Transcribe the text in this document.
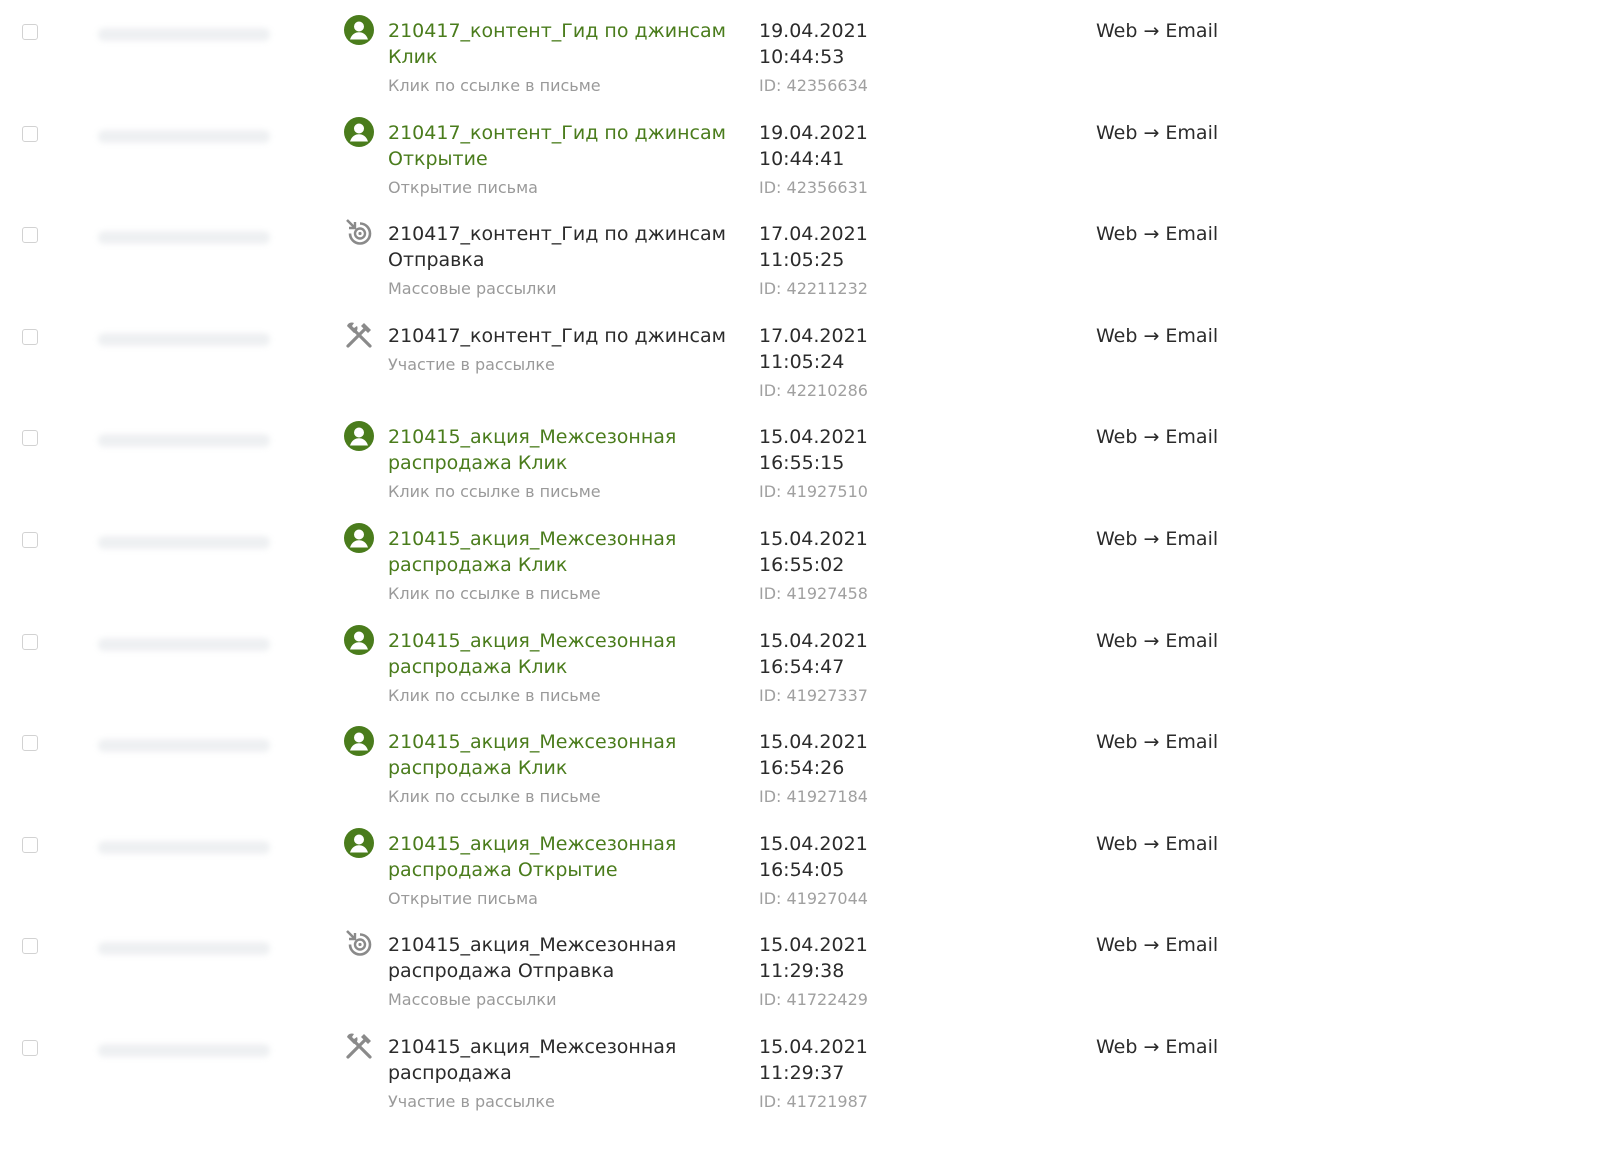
210417_контент_Гид по джинсам
Клик
Клик по ссылке в письме
19.04.2021
10:44:53
ID: 42356634
Web → Email
210417_контент_Гид по джинсам
Открытие
Открытие письма
19.04.2021
10:44:41
ID: 42356631
Web → Email
210417_контент_Гид по джинсам
Отправка
Массовые рассылки
17.04.2021
11:05:25
ID: 42211232
Web → Email
210417_контент_Гид по джинсам
Участие в рассылке
17.04.2021
11:05:24
ID: 42210286
Web → Email
210415_акция_Межсезонная
распродажа Клик
Клик по ссылке в письме
15.04.2021
16:55:15
ID: 41927510
Web → Email
210415_акция_Межсезонная
распродажа Клик
Клик по ссылке в письме
15.04.2021
16:55:02
ID: 41927458
Web → Email
210415_акция_Межсезонная
распродажа Клик
Клик по ссылке в письме
15.04.2021
16:54:47
ID: 41927337
Web → Email
210415_акция_Межсезонная
распродажа Клик
Клик по ссылке в письме
15.04.2021
16:54:26
ID: 41927184
Web → Email
210415_акция_Межсезонная
распродажа Открытие
Открытие письма
15.04.2021
16:54:05
ID: 41927044
Web → Email
210415_акция_Межсезонная
распродажа Отправка
Массовые рассылки
15.04.2021
11:29:38
ID: 41722429
Web → Email
210415_акция_Межсезонная
распродажа
Участие в рассылке
15.04.2021
11:29:37
ID: 41721987
Web → Email
